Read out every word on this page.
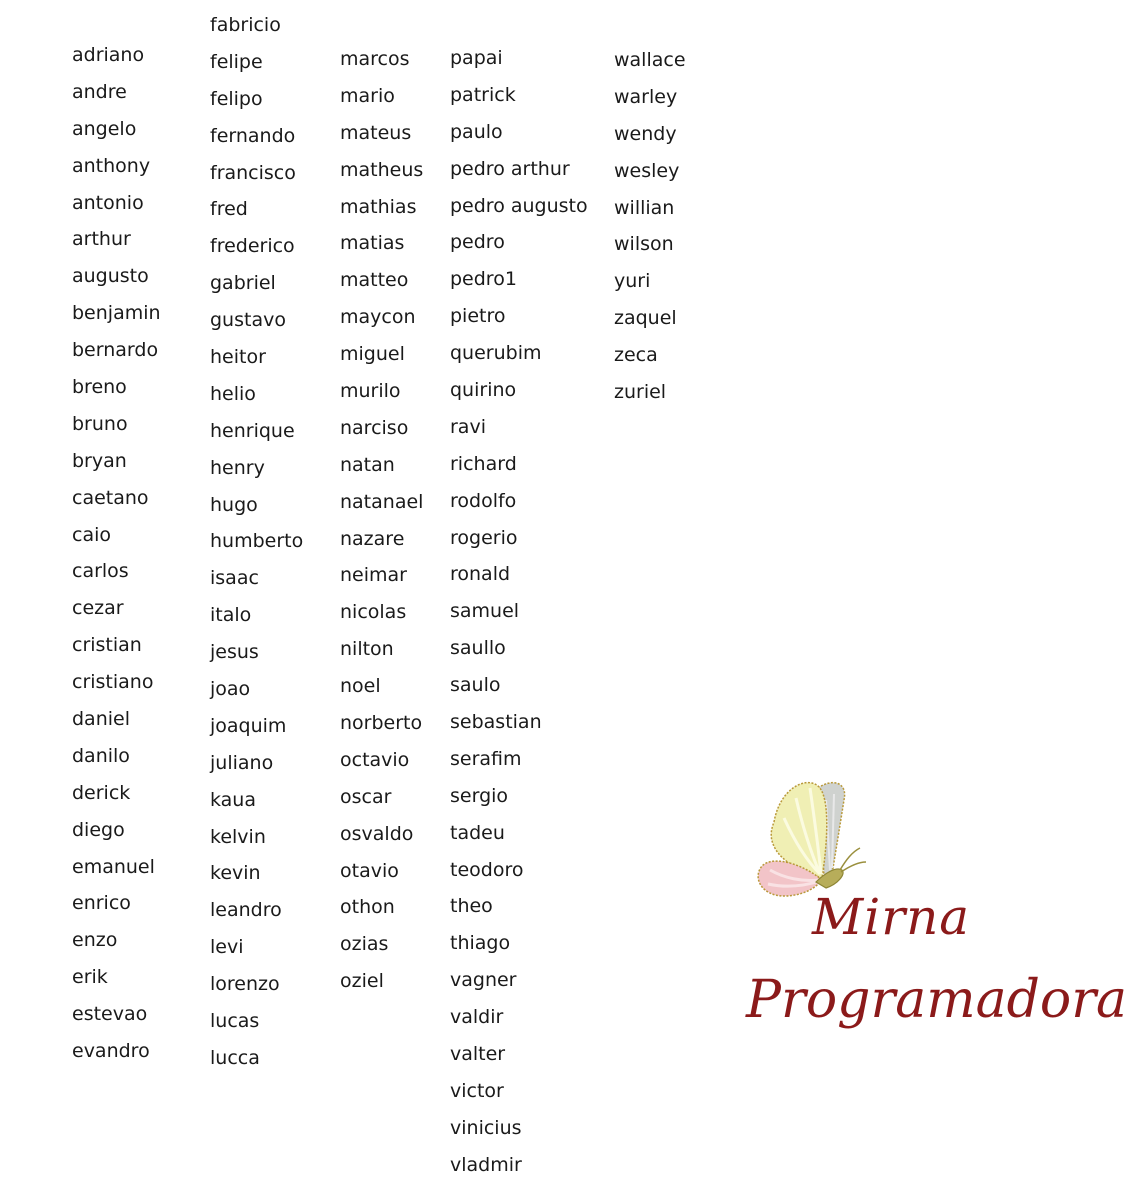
adriano
andre
angelo
anthony
antonio
arthur
augusto
benjamin
bernardo
breno
bruno
bryan
caetano
caio
carlos
cezar
cristian
cristiano
daniel
danilo
derick
diego
emanuel
enrico
enzo
erik
estevao
evandro
fabricio
felipe
felipo
fernando
francisco
fred
frederico
gabriel
gustavo
heitor
helio
henrique
henry
hugo
humberto
isaac
italo
jesus
joao
joaquim
juliano
kaua
kelvin
kevin
leandro
levi
lorenzo
lucas
lucca
marcos
mario
mateus
matheus
mathias
matias
matteo
maycon
miguel
murilo
narciso
natan
natanael
nazare
neimar
nicolas
nilton
noel
norberto
octavio
oscar
osvaldo
otavio
othon
ozias
oziel
papai
patrick
paulo
pedro arthur
pedro augusto
pedro
pedro1
pietro
querubim
quirino
ravi
richard
rodolfo
rogerio
ronald
samuel
saullo
saulo
sebastian
serafim
sergio
tadeu
teodoro
theo
thiago
vagner
valdir
valter
victor
vinicius
vladmir
wallace
warley
wendy
wesley
willian
wilson
yuri
zaquel
zeca
zuriel
Mirna
Programadora
